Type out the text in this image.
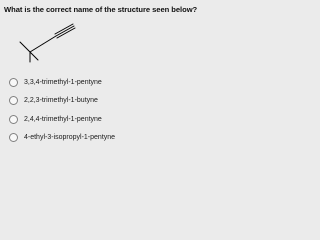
What is the correct name of the structure seen below?
3,3,4-trimethyl-1-pentyne
2,2,3-trimethyl-1-butyne
2,4,4-trimethyl-1-pentyne
4-ethyl-3-isopropyl-1-pentyne
